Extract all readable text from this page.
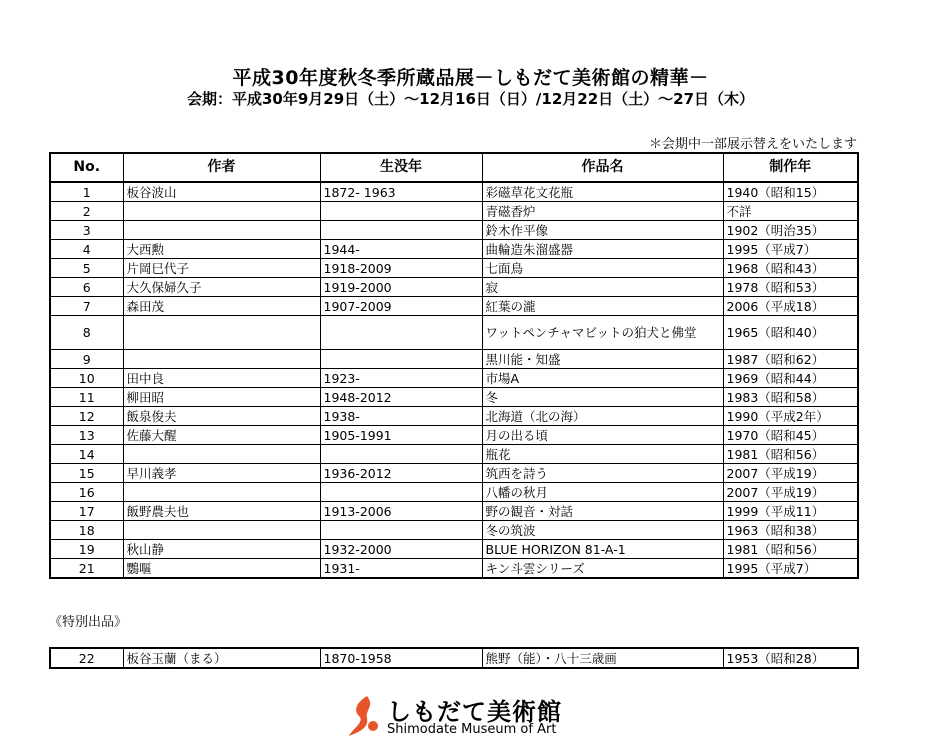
平成30年度秋冬季所蔵品展－しもだて美術館の精華－
会期：平成30年9月29日（土）～12月16日（日）/12月22日（土）～27日（木）
＊会期中一部展示替えをいたします
No.	作者	生没年	作品名	制作年
1	板谷波山	1872- 1963	彩磁草花文花瓶	1940（昭和15）
2			青磁香炉	不詳
3			鈴木作平像	1902（明治35）
4	大西勲	1944-	曲輪造朱溜盛器	1995（平成7）
5	片岡巳代子	1918-2009	七面鳥	1968（昭和43）
6	大久保婦久子	1919-2000	寂	1978（昭和53）
7	森田茂	1907-2009	紅葉の瀧	2006（平成18）
8			ワットペンチャマビットの狛犬と佛堂	1965（昭和40）
9			黒川能・知盛	1987（昭和62）
10	田中良	1923-	市場A	1969（昭和44）
11	柳田昭	1948-2012	冬	1983（昭和58）
12	飯泉俊夫	1938-	北海道（北の海）	1990（平成2年）
13	佐藤大醒	1905-1991	月の出る頃	1970（昭和45）
14			瓶花	1981（昭和56）
15	早川義孝	1936-2012	筑西を詩う	2007（平成19）
16			八幡の秋月	2007（平成19）
17	飯野農夫也	1913-2006	野の観音・対話	1999（平成11）
18			冬の筑波	1963（昭和38）
19	秋山静	1932-2000	BLUE HORIZON 81-A-1	1981（昭和56）
21	鸚嘔	1931-	キン斗雲シリーズ	1995（平成7）
《特別出品》
22	板谷玉蘭（まる）	1870-1958	熊野（能）・八十三歳画	1953（昭和28）
しもだて美術館
Shimodate Museum of Art
